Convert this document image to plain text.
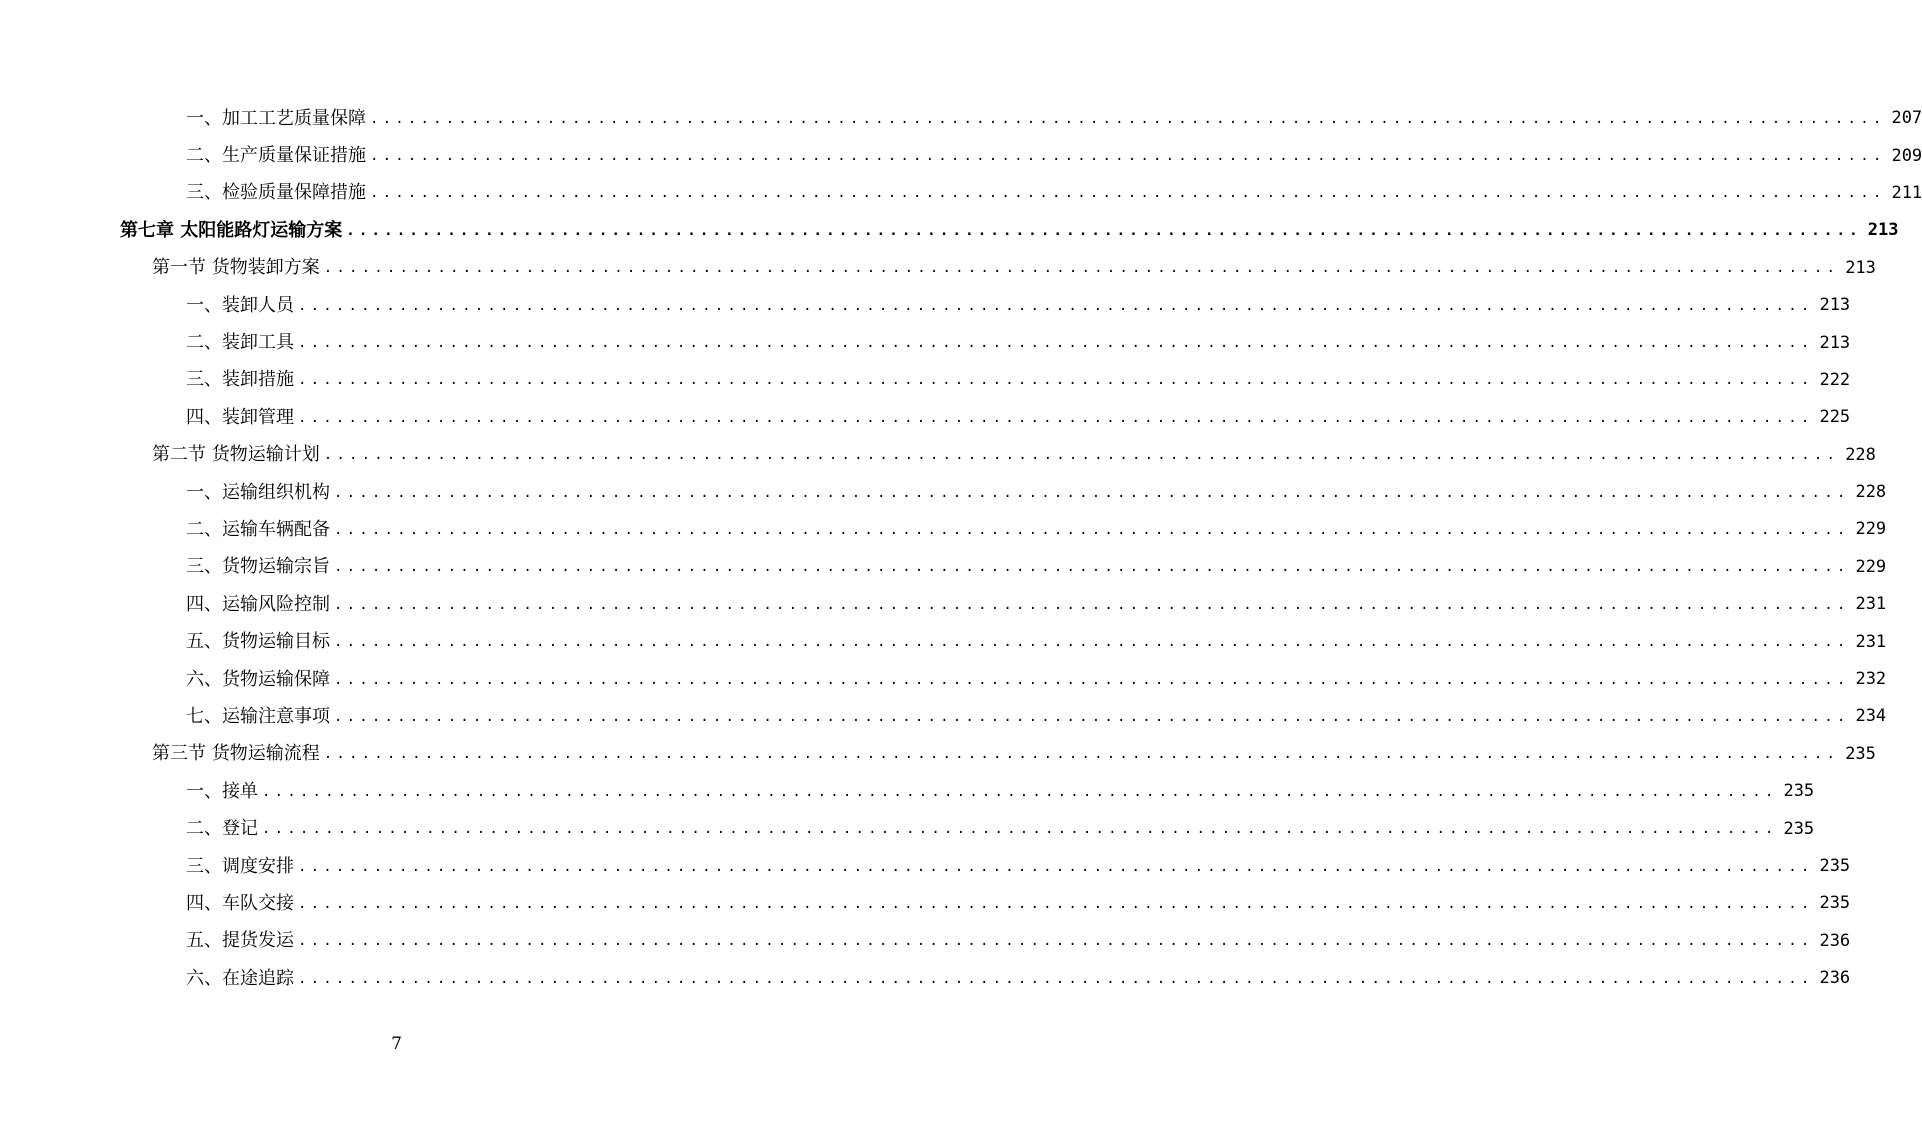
一、加工工艺质量保障 ........................................................................................................................ 207
二、生产质量保证措施 ........................................................................................................................ 209
三、检验质量保障措施 ........................................................................................................................ 211
第七章 太阳能路灯运输方案 ........................................................................................................................ 213
第一节 货物装卸方案 ........................................................................................................................ 213
一、装卸人员 ........................................................................................................................ 213
二、装卸工具 ........................................................................................................................ 213
三、装卸措施 ........................................................................................................................ 222
四、装卸管理 ........................................................................................................................ 225
第二节 货物运输计划 ........................................................................................................................ 228
一、运输组织机构 ........................................................................................................................ 228
二、运输车辆配备 ........................................................................................................................ 229
三、货物运输宗旨 ........................................................................................................................ 229
四、运输风险控制 ........................................................................................................................ 231
五、货物运输目标 ........................................................................................................................ 231
六、货物运输保障 ........................................................................................................................ 232
七、运输注意事项 ........................................................................................................................ 234
第三节 货物运输流程 ........................................................................................................................ 235
一、接单 ........................................................................................................................ 235
二、登记 ........................................................................................................................ 235
三、调度安排 ........................................................................................................................ 235
四、车队交接 ........................................................................................................................ 235
五、提货发运 ........................................................................................................................ 236
六、在途追踪 ........................................................................................................................ 236
7
